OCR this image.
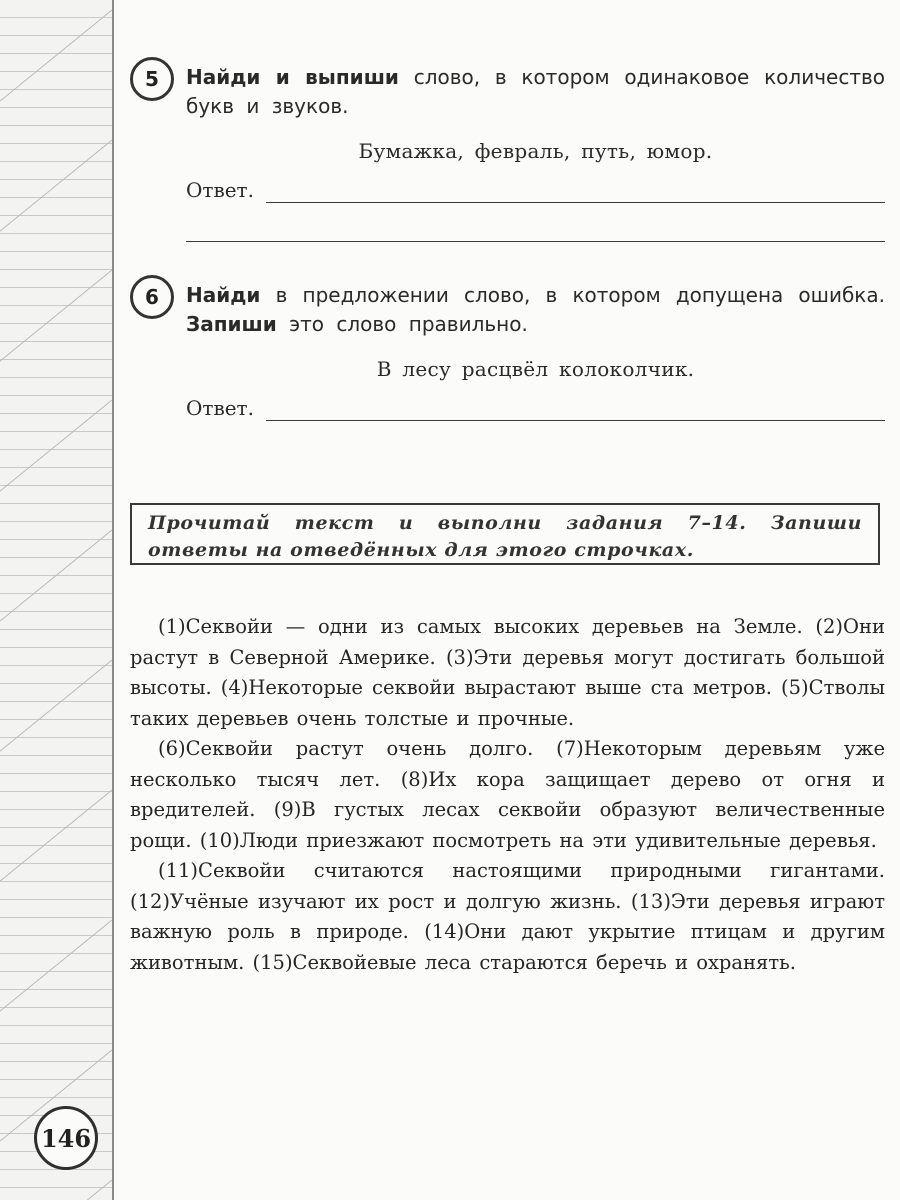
146
5	Найди и выпиши слово, в котором одинаковое количество букв и звуков.
Бумажка, февраль, путь, юмор.
Ответ.
6	Найди в предложении слово, в котором допущена ошибка. Запиши это слово правильно.
В лесу расцвёл колоколчик.
Ответ.
Прочитай текст и выполни задания 7–14. Запиши ответы на отведённых для этого строчках.

(1)Секвойи — одни из самых высоких деревьев на Земле. (2)Они растут в Северной Америке. (3)Эти деревья могут достигать большой высоты. (4)Некоторые секвойи вырастают выше ста метров. (5)Стволы таких деревьев очень толстые и прочные.

(6)Секвойи растут очень долго. (7)Некоторым деревьям уже несколько тысяч лет. (8)Их кора защищает дерево от огня и вредителей. (9)В густых лесах секвойи образуют величественные рощи. (10)Люди приезжают посмотреть на эти удивительные деревья.

(11)Секвойи считаются настоящими природными гигантами. (12)Учёные изучают их рост и долгую жизнь. (13)Эти деревья играют важную роль в природе. (14)Они дают укрытие птицам и другим животным. (15)Секвойевые леса стараются беречь и охранять.
